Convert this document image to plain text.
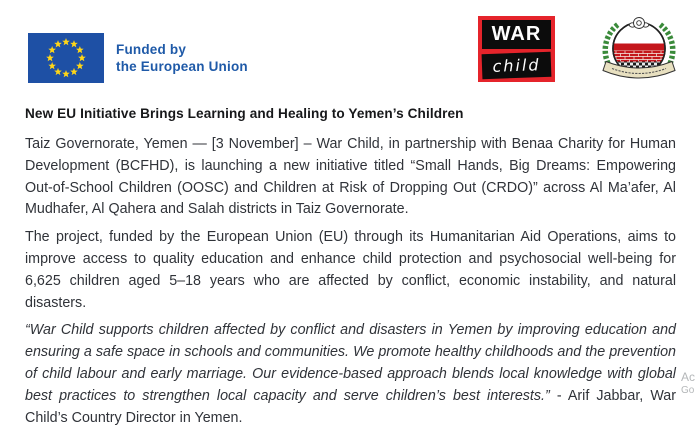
Funded by
the European Union
WAR
child
New EU Initiative Brings Learning and Healing to Yemen’s Children

Taiz Governorate, Yemen — [3 November] – War Child, in partnership with Benaa Charity for Human Development (BCFHD), is launching a new initiative titled “Small Hands, Big Dreams: Empowering Out-of-School Children (OOSC) and Children at Risk of Dropping Out (CRDO)” across Al Ma’afer, Al Mudhafer, Al Qahera and Salah districts in Taiz Governorate.

The project, funded by the European Union (EU) through its Humanitarian Aid Operations, aims to improve access to quality education and enhance child protection and psychosocial well-being for 6,625 children aged 5–18 years who are affected by conflict, economic instability, and natural disasters.

“War Child supports children affected by conflict and disasters in Yemen by improving education and ensuring a safe space in schools and communities. We promote healthy childhoods and the prevention of child labour and early marriage. Our evidence-based approach blends local knowledge with global best practices to strengthen local capacity and serve children’s best interests.” - Arif Jabbar, War Child’s Country Director in Yemen.

Ac
Go
